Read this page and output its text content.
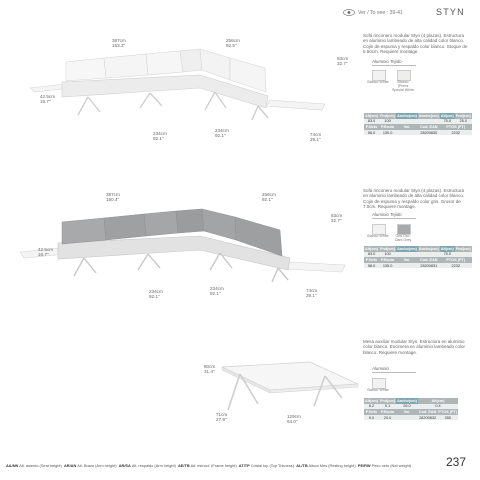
Ver / To see : 39-41	STYN
387cm
153.3"
256cm
92.5"
83cm
32.7"
42.5cm
16.7"
234cm
92.1"
234cm
92.1"	74cm
29.1"
Sofá rinconero modular Styn (4 plazas). Estructura en aluminio lambeado de alta calidad color blanco. Cojin de espuma y respaldo color blanco. Stoque de 5.50cm. Requiere montage.
Aluminio Tejido
Blanco White	Blanco (Premi Special White
Alt(cm)	Fnd(cm)	Ancho(cm)	Ancho(cm)	Alt(cm)	Fnd(cm)
83.0	100			75.0	25.0
P.Neto	P.Bruto	Vol.	Cod. EAN	PTOS (PT)	
56.0	130.0		28200830	2232	
387cm
150.4"
256cm
92.1"
83cm
32.7"
42.5cm
16.7"
234cm
92.1"
234cm
92.1"
74cm
29.1"
Sofá rinconero modular Styn (4 plazas). Estructura en aluminio lambeado de alta calidad color blanco. Cojin de espuma y respaldo color gris. Grosor de 7.0cm. Requiere montage.
Aluminio Tejido
Blanco White	Gris Osc. Dark Grey
Alt(cm)	Fnd(cm)	Ancho(cm)	Ancho(cm)	Alt(cm)	Fnd(cm)
83.0	100			75.0	
P.Neto	P.Bruto	Vol.	Cod. EAN	PTOS (PT)	
58.0	135.0		28200831	2232	
80cm
31.4"
71cm
27.9"
129cm
64.0"
Mesa auxiliar modular Styn. Estructura en aluminio color blanco. Encimera en aluminio lambeado color blanco. Requiere montage.
Aluminio
Blanco White
Alt(cm)	Fnd(cm)	Ancho(cm)	Alt(cm)	
6.2	0.1	26.0	0.4	
P.Neto	P.Bruto	Vol.	Cod. EAN	PTOS (PT)
9.0	20.0		28200832	355
AA/NN Alt. asiento (Seat height) AR/AN Alt. Brazo (Arm height) AR/SA Alt. respaldo (Arm height) AE/TB Alt. estruct. (Frame height) AT/TP Cristal top (Top Thkness) AL/TB Altura Mes (Resting height) PE/RW Peso neto (Net weight)	237
